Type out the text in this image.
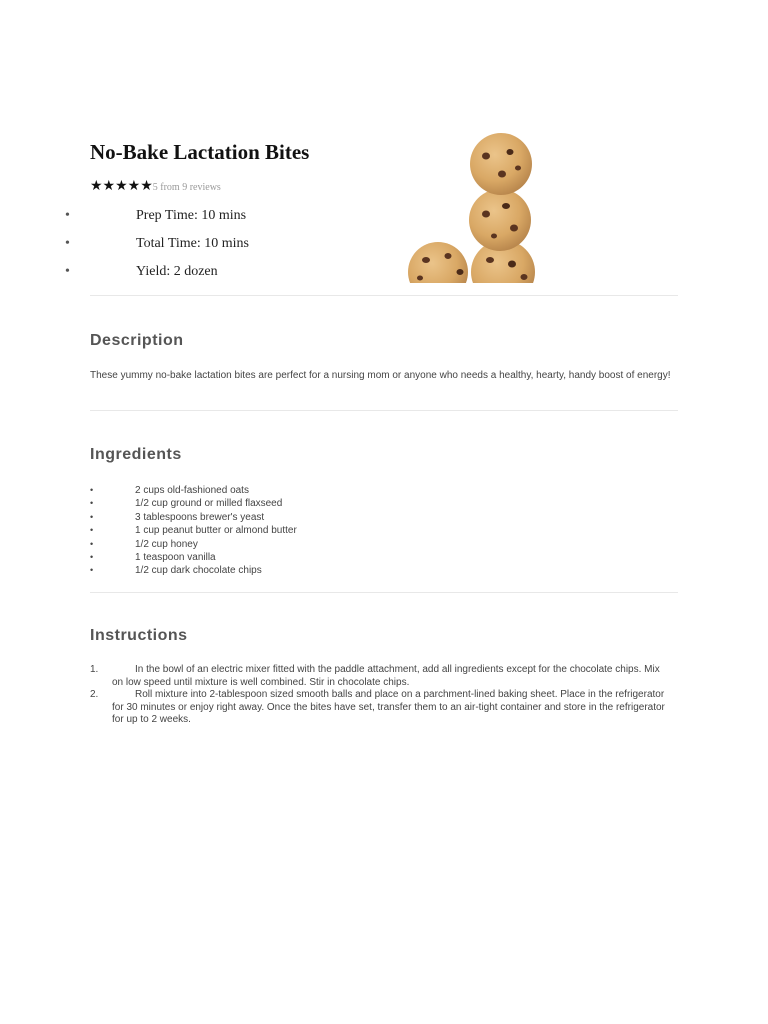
No-Bake Lactation Bites
★★★★★5 from 9 reviews
•	Prep Time: 10 mins
•	Total Time: 10 mins
•	Yield: 2 dozen
Description

These yummy no-bake lactation bites are perfect for a nursing mom or anyone who needs a healthy, hearty, handy boost of energy!

Ingredients
•	2 cups old-fashioned oats
•	1/2 cup ground or milled flaxseed
•	3 tablespoons brewer's yeast
•	1 cup peanut butter or almond butter
•	1/2 cup honey
•	1 teaspoon vanilla
•	1/2 cup dark chocolate chips
Instructions
1.	In the bowl of an electric mixer fitted with the paddle attachment, add all ingredients except for the chocolate chips. Mix on low speed until mixture is well combined. Stir in chocolate chips.
2.	Roll mixture into 2-tablespoon sized smooth balls and place on a parchment-lined baking sheet. Place in the refrigerator for 30 minutes or enjoy right away. Once the bites have set, transfer them to an air-tight container and store in the refrigerator for up to 2 weeks.
